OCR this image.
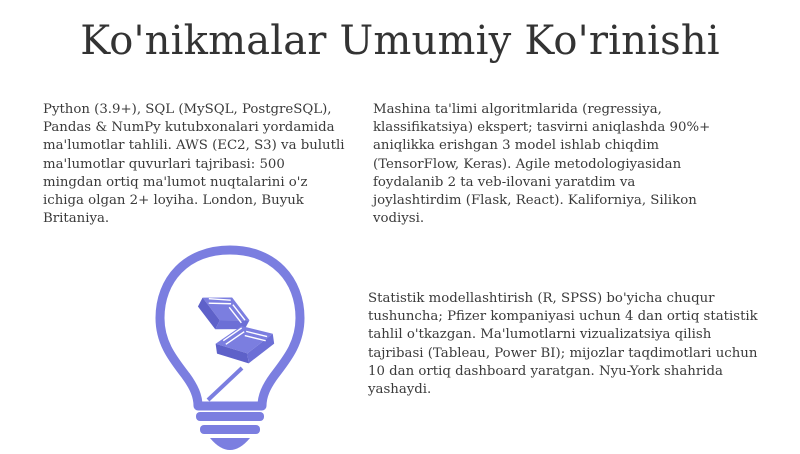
Ko'nikmalar Umumiy Ko'rinishi
Python (3.9+), SQL (MySQL, PostgreSQL), Pandas & NumPy kutubxonalari yordamida ma'lumotlar tahlili. AWS (EC2, S3) va bulutli ma'lumotlar quvurlari tajribasi: 500 mingdan ortiq ma'lumot nuqtalarini o'z ichiga olgan 2+ loyiha. London, Buyuk Britaniya.
Mashina ta'limi algoritmlarida (regressiya, klassifikatsiya) ekspert; tasvirni aniqlashda 90%+ aniqlikka erishgan 3 model ishlab chiqdim (TensorFlow, Keras). Agile metodologiyasidan foydalanib 2 ta veb-ilovani yaratdim va joylashtirdim (Flask, React). Kaliforniya, Silikon vodiysi.
Statistik modellashtirish (R, SPSS) bo'yicha chuqur tushuncha; Pfizer kompaniyasi uchun 4 dan ortiq statistik tahlil o'tkazgan. Ma'lumotlarni vizualizatsiya qilish tajribasi (Tableau, Power BI); mijozlar taqdimotlari uchun 10 dan ortiq dashboard yaratgan. Nyu-York shahrida yashaydi.
